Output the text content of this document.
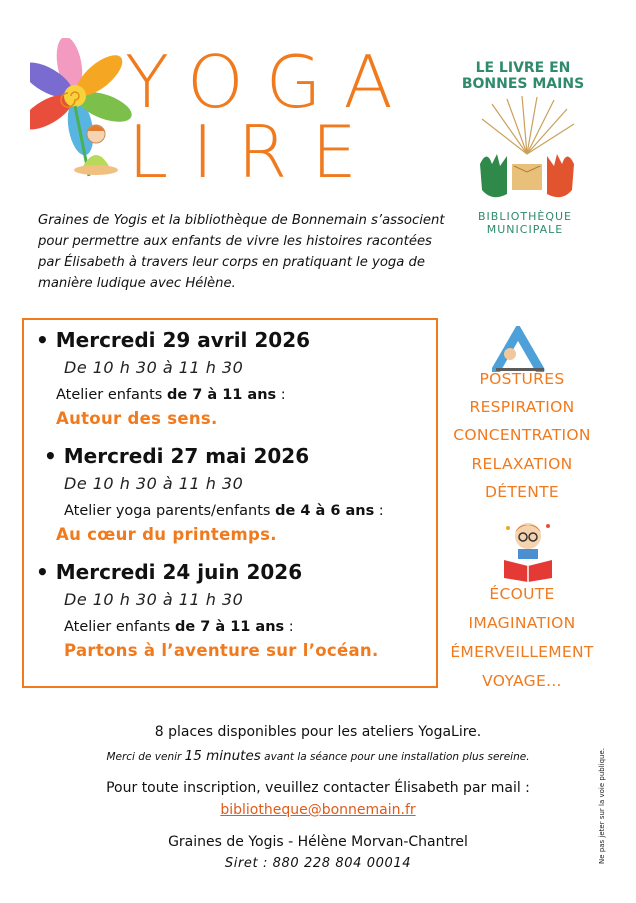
YOGA
LIRE
LE LIVRE EN BONNES MAINS
BIBLIOTHÈQUE MUNICIPALE
Graines de Yogis et la bibliothèque de Bonnemain s’associent pour permettre aux enfants de vivre les histoires racontées par Élisabeth à travers leur corps en pratiquant le yoga de manière ludique avec Hélène.
• Mercredi 29 avril 2026
De 10 h 30 à 11 h 30
Atelier enfants de 7 à 11 ans :
Autour des sens.
• Mercredi 27 mai 2026
De 10 h 30 à 11 h 30
Atelier yoga parents/enfants de 4 à 6 ans :
Au cœur du printemps.
• Mercredi 24 juin 2026
De 10 h 30 à 11 h 30
Atelier enfants de 7 à 11 ans :
Partons à l’aventure sur l’océan.
POSTURES
RESPIRATION
CONCENTRATION
RELAXATION
DÉTENTE
ÉCOUTE
IMAGINATION
ÉMERVEILLEMENT
VOYAGE…
8 places disponibles pour les ateliers YogaLire.
Merci de venir 15 minutes avant la séance pour une installation plus sereine.
Pour toute inscription, veuillez contacter Élisabeth par mail :
bibliotheque@bonnemain.fr
Graines de Yogis - Hélène Morvan-Chantrel
Siret : 880 228 804 00014	Ne pas jeter sur la voie publique.
